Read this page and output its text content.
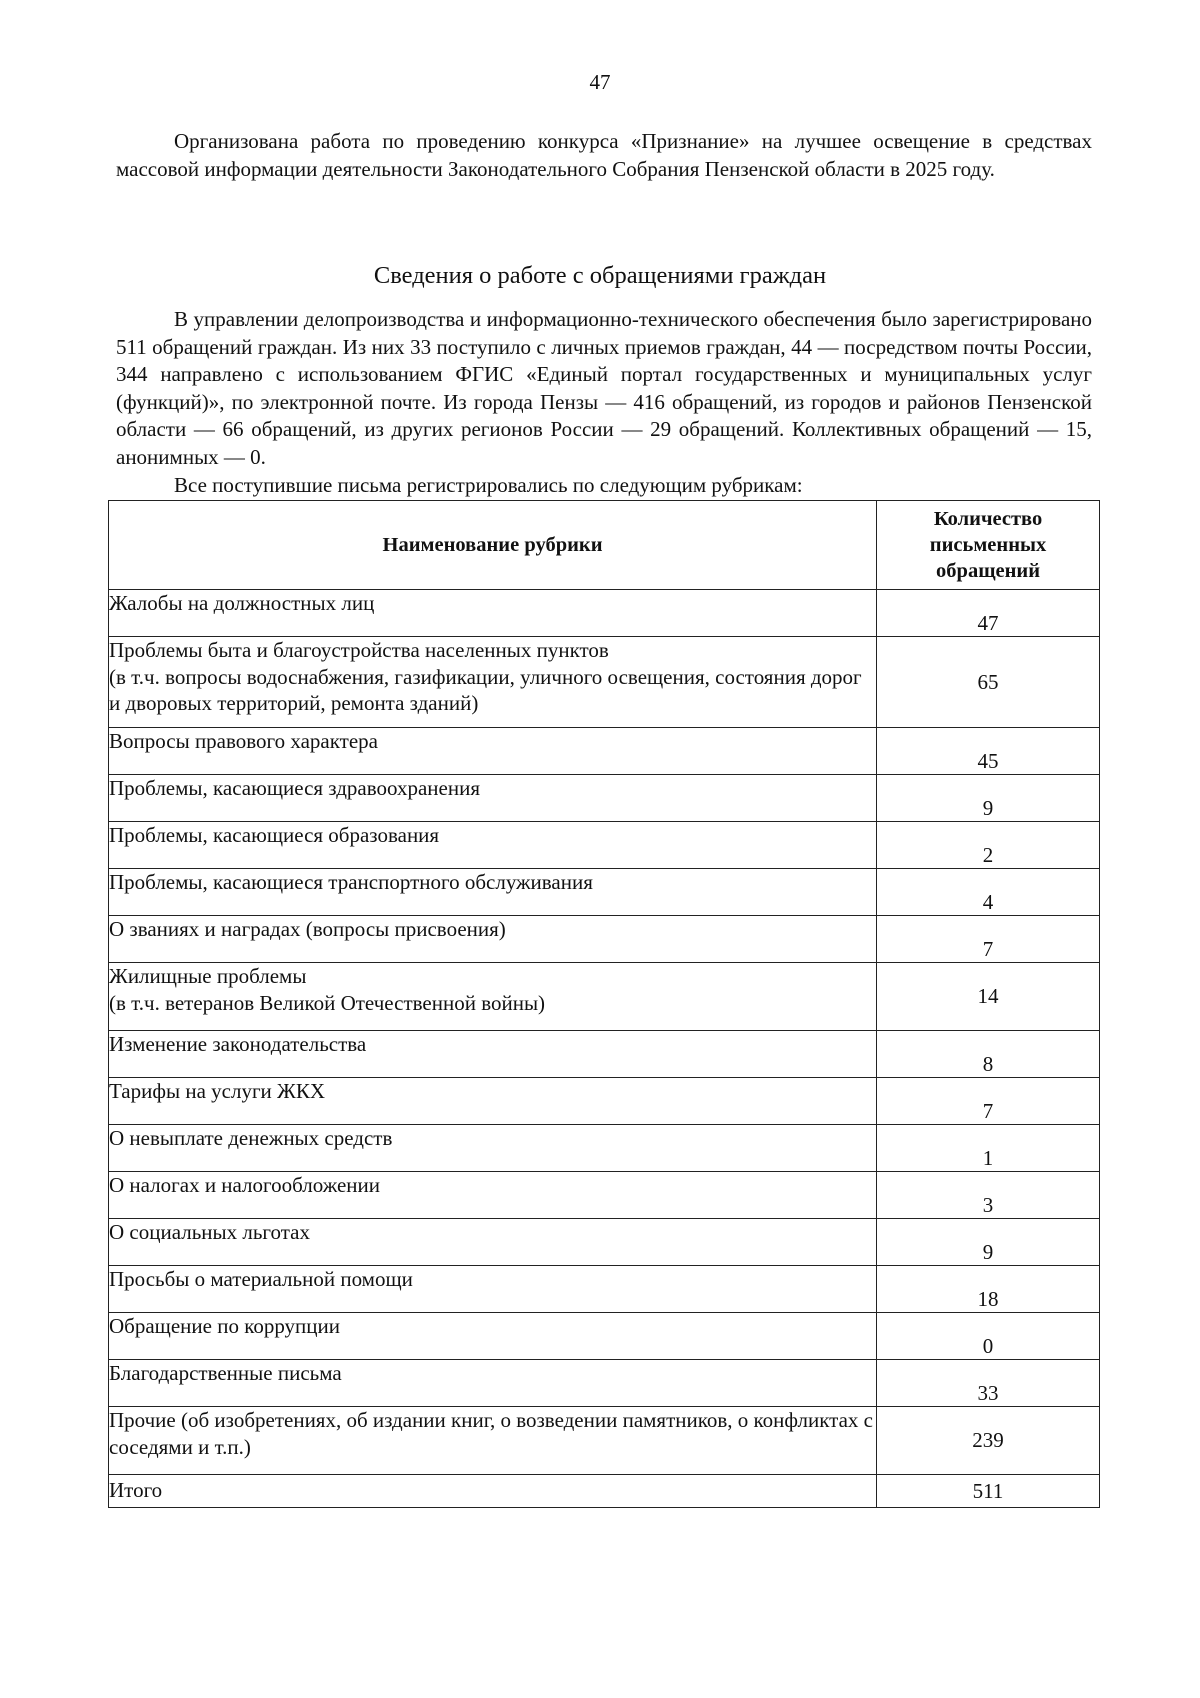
47
Организована работа по проведению конкурса «Признание» на лучшее освещение в средствах массовой информации деятельности Законодательного Собрания Пензенской области в 2025 году.
Сведения о работе с обращениями граждан
В управлении делопроизводства и информационно-технического обеспечения было зарегистрировано 511 обращений граждан. Из них 33 поступило с личных приемов граждан, 44 — посредством почты России, 344 направлено с использованием ФГИС «Единый портал государственных и муниципальных услуг (функций)», по электронной почте. Из города Пензы — 416 обращений, из городов и районов Пензенской области — 66 обращений, из других регионов России — 29 обращений. Коллективных обращений — 15, анонимных — 0.
Все поступившие письма регистрировались по следующим рубрикам:
Наименование рубрики	Количество письменных обращений
Жалобы на должностных лиц	47
Проблемы быта и благоустройства населенных пунктов
(в т.ч. вопросы водоснабжения, газификации, уличного освещения, состояния дорог и дворовых территорий, ремонта зданий)	65
Вопросы правового характера	45
Проблемы, касающиеся здравоохранения	9
Проблемы, касающиеся образования	2
Проблемы, касающиеся транспортного обслуживания	4
О званиях и наградах (вопросы присвоения)	7
Жилищные проблемы
(в т.ч. ветеранов Великой Отечественной войны)	14
Изменение законодательства	8
Тарифы на услуги ЖКХ	7
О невыплате денежных средств	1
О налогах и налогообложении	3
О социальных льготах	9
Просьбы о материальной помощи	18
Обращение по коррупции	0
Благодарственные письма	33
Прочие (об изобретениях, об издании книг, о возведении памятников, о конфликтах с соседями и т.п.)	239
Итого	511
